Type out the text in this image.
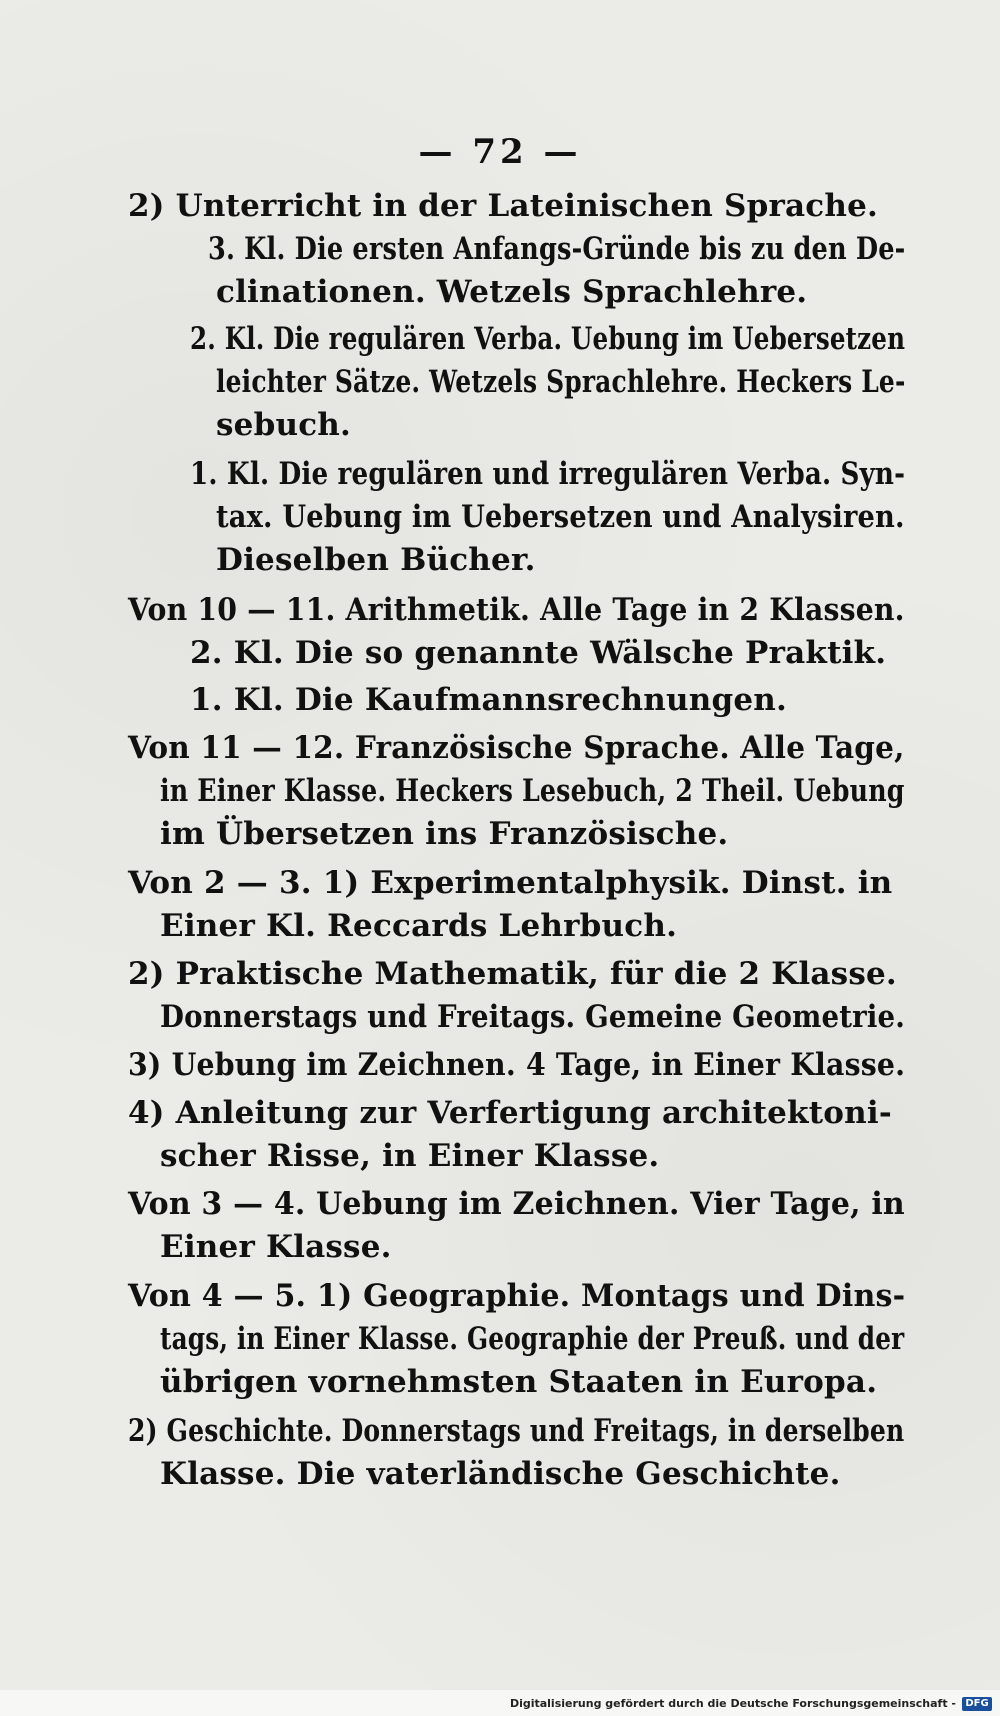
— 72 —
2) Unterricht in der Lateinischen Sprache.
3. Kl. Die ersten Anfangs-Gründe bis zu den De-
clinationen. Wetzels Sprachlehre.
2. Kl. Die regulären Verba. Uebung im Uebersetzen
leichter Sätze. Wetzels Sprachlehre. Heckers Le-
sebuch.
1. Kl. Die regulären und irregulären Verba. Syn-
tax. Uebung im Uebersetzen und Analysiren.
Dieselben Bücher.
Von 10 — 11. Arithmetik. Alle Tage in 2 Klassen.
2. Kl. Die so genannte Wälsche Praktik.
1. Kl. Die Kaufmannsrechnungen.
Von 11 — 12. Französische Sprache. Alle Tage,
in Einer Klasse. Heckers Lesebuch, 2 Theil. Uebung
im Übersetzen ins Französische.
Von 2 — 3. 1) Experimentalphysik. Dinst. in
Einer Kl. Reccards Lehrbuch.
2) Praktische Mathematik, für die 2 Klasse.
Donnerstags und Freitags. Gemeine Geometrie.
3) Uebung im Zeichnen. 4 Tage, in Einer Klasse.
4) Anleitung zur Verfertigung architektoni-
scher Risse, in Einer Klasse.
Von 3 — 4. Uebung im Zeichnen. Vier Tage, in
Einer Klasse.
Von 4 — 5. 1) Geographie. Montags und Dins-
tags, in Einer Klasse. Geographie der Preuß. und der
übrigen vornehmsten Staaten in Europa.
2) Geschichte. Donnerstags und Freitags, in derselben
Klasse. Die vaterländische Geschichte.
Digitalisierung gefördert durch die Deutsche Forschungsgemeinschaft - DFG
